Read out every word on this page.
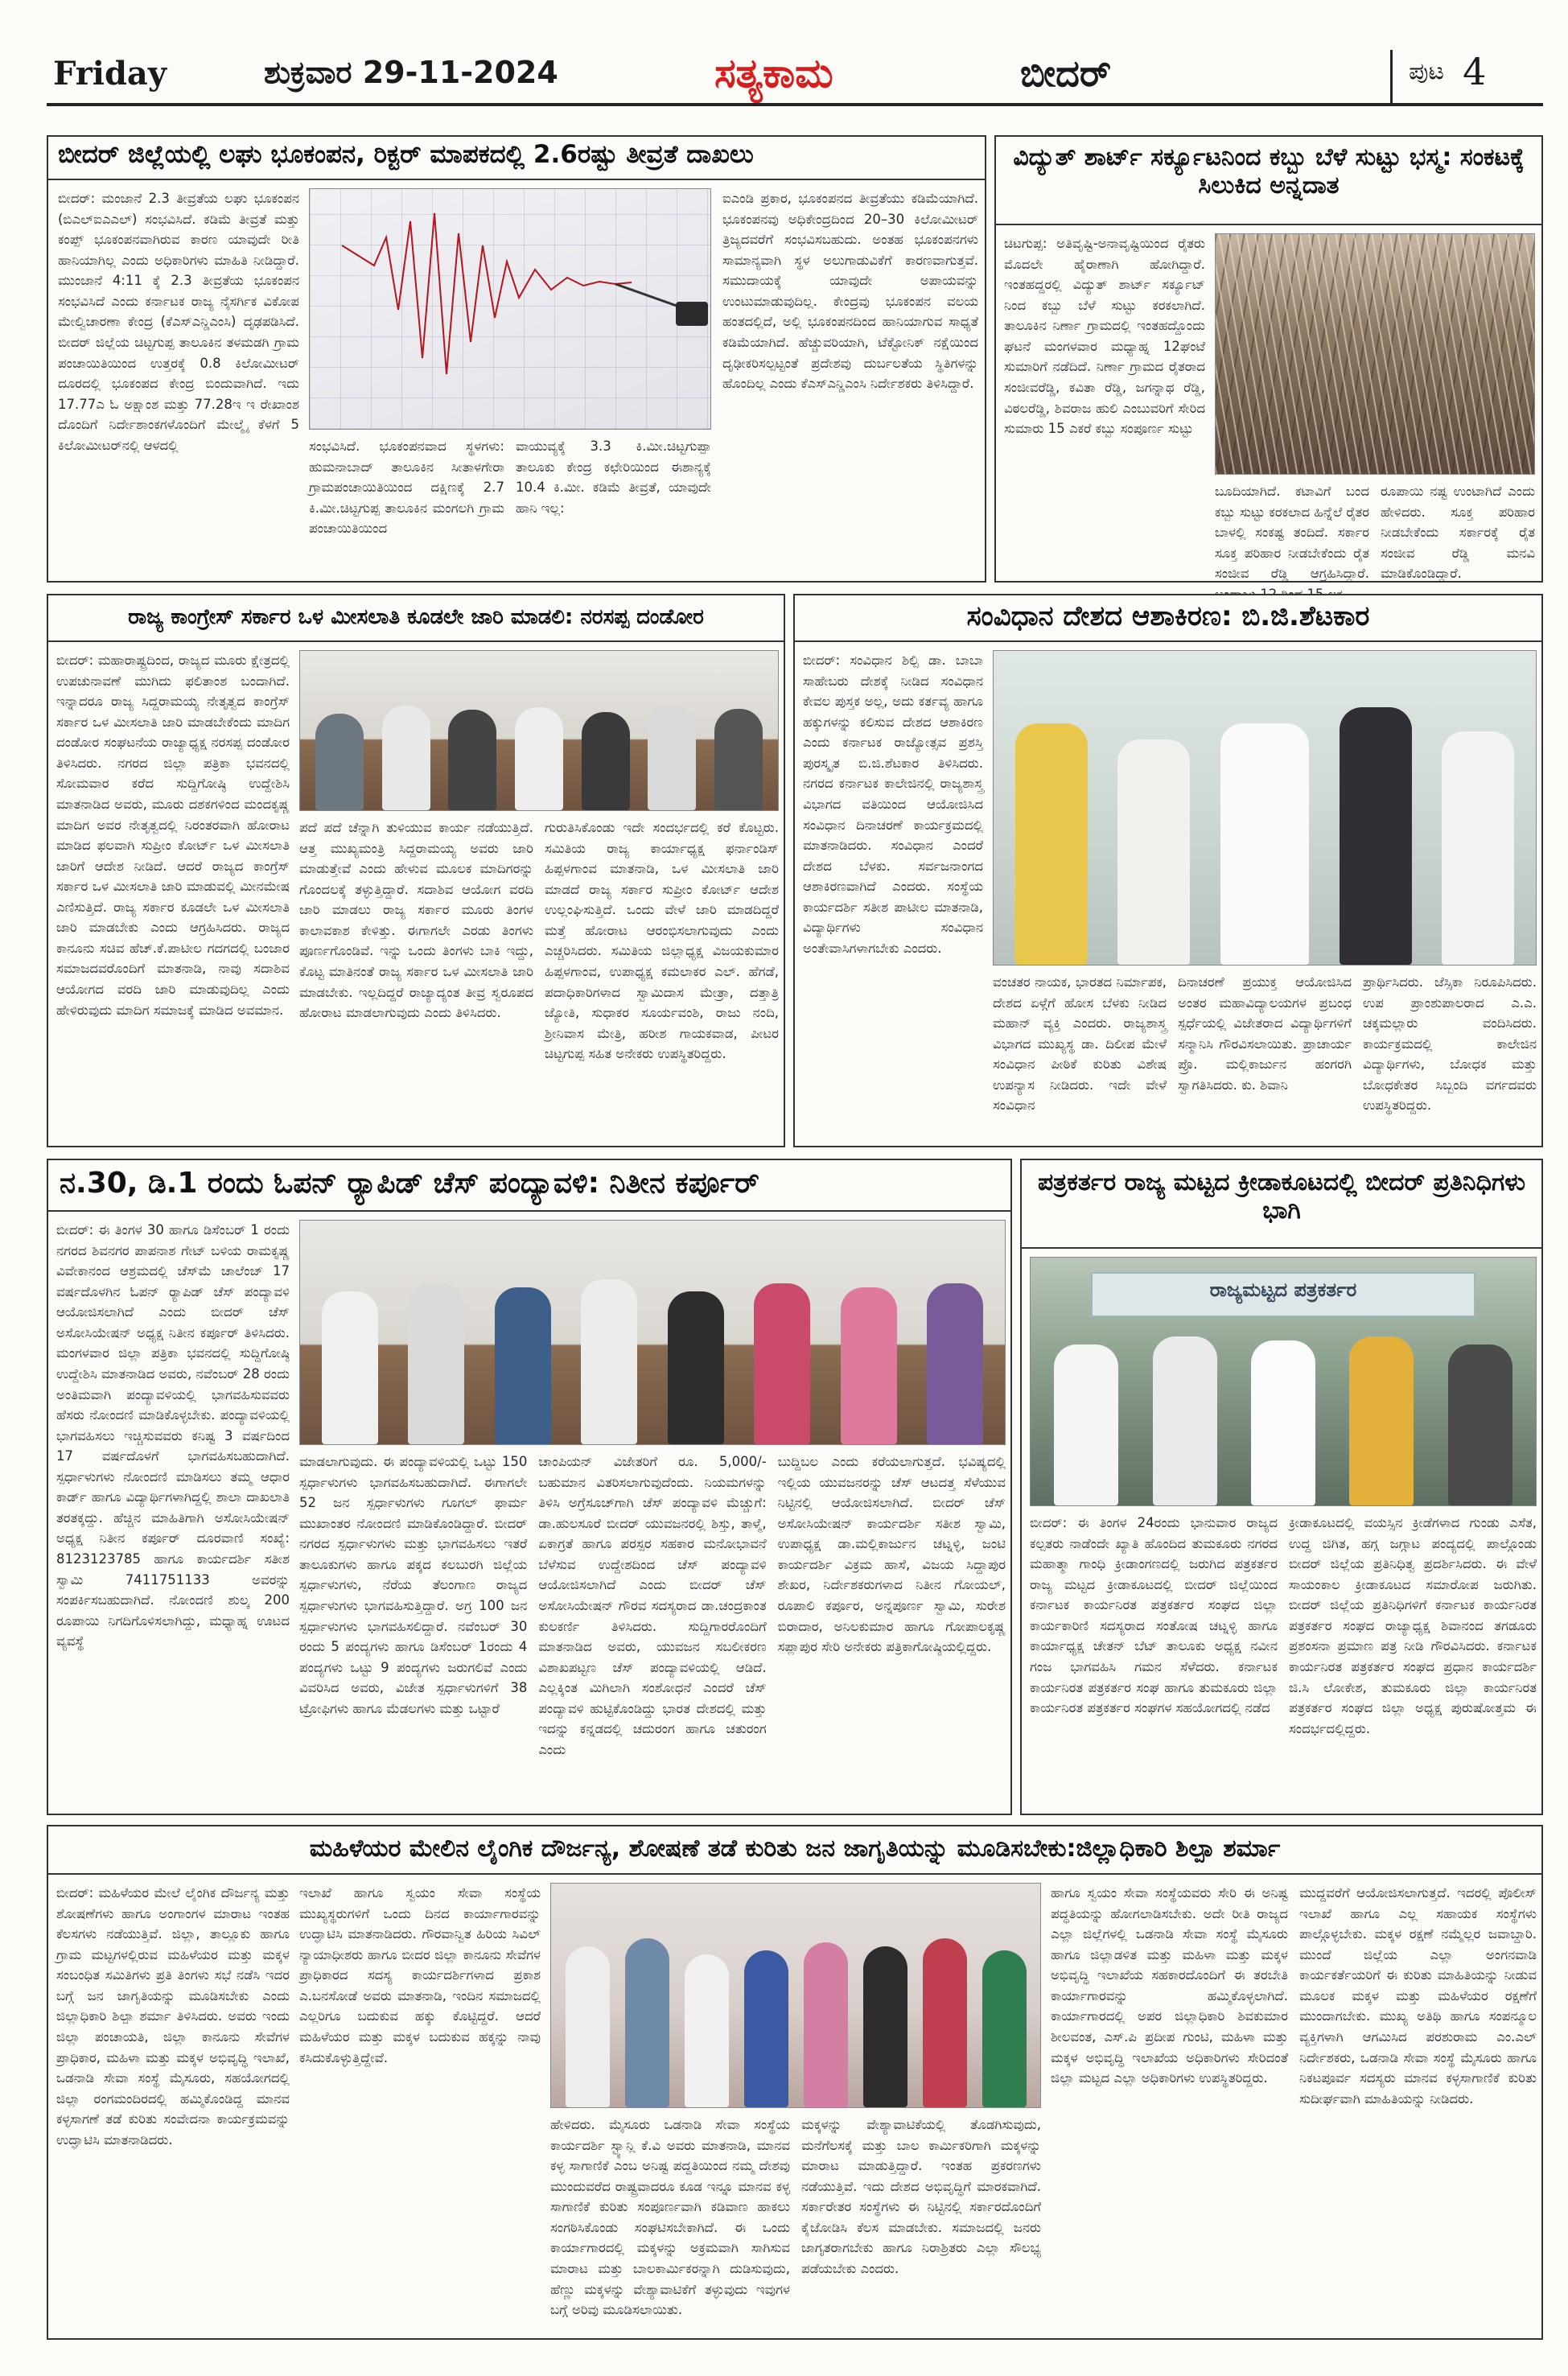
Friday	ಶುಕ್ರವಾರ 29-11-2024	ಸತ್ಯಕಾಮ	ಬೀದರ್	ಪುಟ 4
ಬೀದರ್ ಜಿಲ್ಲೆಯಲ್ಲಿ ಲಘು ಭೂಕಂಪನ, ರಿಕ್ಟರ್ ಮಾಪಕದಲ್ಲಿ 2.6ರಷ್ಟು ತೀವ್ರತೆ ದಾಖಲು
ಬೀದರ್: ಮಂಜಾನೆ 2.3 ತೀವ್ರತೆಯ ಲಘು ಭೂಕಂಪನ (ಬಿಎಲ್ಐಎಎಲ್) ಸಂಭವಿಸಿದೆ. ಕಡಿಮೆ ತೀವ್ರತೆ ಮತ್ತು ಕಂಪ್ಪ್ ಭೂಕಂಪನವಾಗಿರುವ ಕಾರಣ ಯಾವುದೇ ರೀತಿ ಹಾನಿಯಾಗಿಲ್ಲ ಎಂದು ಅಧಿಕಾರಿಗಳು ಮಾಹಿತಿ ನೀಡಿದ್ದಾರೆ. ಮುಂಜಾನೆ 4:11 ಕ್ಕೆ 2.3 ತೀವ್ರತೆಯ ಭೂಕಂಪನ ಸಂಭವಿಸಿದೆ ಎಂದು ಕರ್ನಾಟಕ ರಾಜ್ಯ ನೈಸರ್ಗಿಕ ವಿಕೋಪ ಮೇಲ್ವಿಚಾರಣಾ ಕೇಂದ್ರ (ಕೆಎಸ್ಎನ್ಡಿಎಂಸಿ) ದೃಢಪಡಿಸಿದೆ. ಬೀದರ್ ಜಿಲ್ಲೆಯ ಚಿಟ್ಟಗುಪ್ಪ ತಾಲೂಕಿನ ತಳಮಡಗಿ ಗ್ರಾಮ ಪಂಚಾಯಿತಿಯಿಂದ ಉತ್ತರಕ್ಕೆ 0.8 ಕಿಲೋಮೀಟರ್ ದೂರದಲ್ಲಿ ಭೂಕಂಪದ ಕೇಂದ್ರ ಬಿಂದುವಾಗಿದೆ. ಇದು 17.77ಎ ಓ ಅಕ್ಷಾಂಶ ಮತ್ತು 77.28ಇ ಇ ರೇಖಾಂಶ ದೊಂದಿಗೆ ನಿರ್ದೇಶಾಂಕಗಳೊಂದಿಗೆ ಮೇಲ್ಮೈ ಕೆಳಗೆ 5 ಕಿಲೋಮೀಟರ್‌ನಲ್ಲಿ ಆಳದಲ್ಲಿ	ಸಂಭವಿಸಿದೆ. ಭೂಕಂಪನವಾದ ಸ್ಥಳಗಳು: ಹುಮನಾಬಾದ್ ತಾಲೂಕಿನ ಸೀತಾಳಗೇರಾ ಗ್ರಾಮಪಂಚಾಯಿತಿಯಿಂದ ದಕ್ಷಿಣಕ್ಕೆ 2.7 ಕಿ.ಮೀ.ಚಿಟ್ಟಗುಪ್ಪ ತಾಲೂಕಿನ ಮಂಗಲಗಿ ಗ್ರಾಮ ಪಂಚಾಯಿತಿಯಿಂದ
ವಾಯುವ್ಯಕ್ಕೆ 3.3 ಕಿ.ಮೀ.ಚಿಟ್ಟಗುಪ್ಪಾ ತಾಲೂಕು ಕೇಂದ್ರ ಕಛೇರಿಯಿಂದ ಈಶಾನ್ಯಕ್ಕೆ 10.4 ಕಿ.ಮೀ. ಕಡಿಮೆ ತೀವ್ರತೆ, ಯಾವುದೇ ಹಾನಿ ಇಲ್ಲ:
ಐಎಂಡಿ ಪ್ರಕಾರ, ಭೂಕಂಪನದ ತೀವ್ರತೆಯು ಕಡಿಮೆಯಾಗಿದೆ. ಭೂಕಂಪನವು ಅಧಿಕೇಂದ್ರದಿಂದ 20–30 ಕಿಲೋಮೀಟರ್ ತ್ರಿಜ್ಯದವರೆಗೆ ಸಂಭವಿಸಬಹುದು. ಅಂತಹ ಭೂಕಂಪನಗಳು ಸಾಮಾನ್ಯವಾಗಿ ಸ್ಥಳ ಅಲುಗಾಡುವಿಕೆಗೆ ಕಾರಣವಾಗುತ್ತವೆ. ಸಮುದಾಯಕ್ಕೆ ಯಾವುದೇ ಅಪಾಯವನ್ನು ಉಂಟುಮಾಡುವುದಿಲ್ಲ. ಕೇಂದ್ರವು ಭೂಕಂಪನ ವಲಯ ಹಂತದಲ್ಲಿದೆ, ಅಲ್ಲಿ ಭೂಕಂಪನದಿಂದ ಹಾನಿಯಾಗುವ ಸಾಧ್ಯತೆ ಕಡಿಮೆಯಾಗಿದೆ. ಹೆಚ್ಚುವರಿಯಾಗಿ, ಟೆಕ್ಟೋನಿಕ್ ನಕ್ಷೆಯಿಂದ ದೃಢೀಕರಿಸಲ್ಪಟ್ಟಂತೆ ಪ್ರದೇಶವು ದುರ್ಬಲತೆಯ ಸ್ಥಿತಿಗಳನ್ನು ಹೊಂದಿಲ್ಲ ಎಂದು ಕೆಎಸ್ಎನ್ಡಿಎಂಸಿ ನಿರ್ದೇಶಕರು ತಿಳಿಸಿದ್ದಾರೆ.
ವಿದ್ಯುತ್ ಶಾರ್ಟ್ ಸರ್ಕ್ಯೂಟನಿಂದ ಕಬ್ಬು ಬೆಳೆ ಸುಟ್ಟು ಭಸ್ಮ: ಸಂಕಟಕ್ಕೆ ಸಿಲುಕಿದ ಅನ್ನದಾತ
ಚಿಟಗುಪ್ಪ: ಅತಿವೃಷ್ಟಿ-ಅನಾವೃಷ್ಟಿಯಿಂದ ರೈತರು ಮೊದಲೇ ಹೈರಾಣಾಗಿ ಹೋಗಿದ್ದಾರೆ. ಇಂತಹದ್ದರಲ್ಲಿ ವಿದ್ಯುತ್ ಶಾರ್ಟ್ ಸರ್ಕ್ಯೂಟ್ ನಿಂದ ಕಬ್ಬು ಬೆಳೆ ಸುಟ್ಟು ಕರಕಲಾಗಿದೆ. ತಾಲೂಕಿನ ನಿರ್ಣಾ ಗ್ರಾಮದಲ್ಲಿ ಇಂತಹದ್ದೊಂದು ಘಟನೆ ಮಂಗಳವಾರ ಮಧ್ಯಾಹ್ನ 12ಘಂಟೆ ಸುಮಾರಿಗೆ ನಡೆದಿದೆ. ನಿರ್ಣಾ ಗ್ರಾಮದ ರೈತರಾದ ಸಂಜೀವರೆಡ್ಡಿ, ಕವಿತಾ ರೆಡ್ಡಿ, ಜಗನ್ನಾಥ ರೆಡ್ಡಿ, ವಿಠಲರೆಡ್ಡಿ, ಶಿವರಾಜ ಹುಲಿ ಎಂಬುವರಿಗೆ ಸೇರಿದ ಸುಮಾರು 15 ಎಕರೆ ಕಬ್ಬು ಸಂಪೂರ್ಣ ಸುಟ್ಟು
ಬೂದಿಯಾಗಿದೆ. ಕಟಾವಿಗೆ ಬಂದ ಕಬ್ಬು ಸುಟ್ಟು ಕರಕಲಾದ ಹಿನ್ನೆಲೆ ರೈತರ ಬಾಳಲ್ಲಿ ಸಂಕಷ್ಟ ತಂದಿದೆ. ಸರ್ಕಾರ ಸೂಕ್ತ ಪರಿಹಾರ ನೀಡಬೇಕೆಂದು ರೈತ ಸಂಜೀವ ರೆಡ್ಡಿ ಆಗ್ರಹಿಸಿದ್ದಾರೆ.
ರೂಪಾಯಿ ನಷ್ಟ ಉಂಟಾಗಿದೆ ಎಂದು ಹೇಳಿದರು. ಸೂಕ್ತ ಪರಿಹಾರ ನೀಡಬೇಕೆಂದು ಸರ್ಕಾರಕ್ಕೆ ರೈತ ಸಂಜೀವ ರೆಡ್ಡಿ ಮನವಿ ಮಾಡಿಕೊಂಡಿದ್ದಾರೆ.
ರಾಜ್ಯ ಕಾಂಗ್ರೇಸ್ ಸರ್ಕಾರ ಒಳ ಮೀಸಲಾತಿ ಕೂಡಲೇ ಜಾರಿ ಮಾಡಲಿ: ನರಸಪ್ಪ ದಂಡೋರ
ಬೀದರ್: ಮಹಾರಾಷ್ಟ್ರದಿಂದ, ರಾಜ್ಯದ ಮೂರು ಕ್ಷೇತ್ರದಲ್ಲಿ ಉಪಚುನಾವಣೆ ಮುಗಿದು ಫಲಿತಾಂಶ ಬಂದಾಗಿದೆ. ಇನ್ನಾದರೂ ರಾಜ್ಯ ಸಿದ್ದರಾಮಯ್ಯ ನೇತೃತ್ವದ ಕಾಂಗ್ರೆಸ್ ಸರ್ಕಾರ ಒಳ ಮೀಸಲಾತಿ ಜಾರಿ ಮಾಡಬೇಕೆಂದು ಮಾದಿಗ ದಂಡೋರ ಸಂಘಟನೆಯ ರಾಜ್ಯಾಧ್ಯಕ್ಷ ನರಸಪ್ಪ ದಂಡೋರ ತಿಳಿಸಿದರು. ನಗರದ ಜಿಲ್ಲಾ ಪತ್ರಿಕಾ ಭವನದಲ್ಲಿ ಸೋಮವಾರ ಕರೆದ ಸುದ್ದಿಗೋಷ್ಠಿ ಉದ್ದೇಶಿಸಿ ಮಾತನಾಡಿದ ಅವರು, ಮೂರು ದಶಕಗಳಿಂದ ಮಂದಕೃಷ್ಣ ಮಾದಿಗ ಅವರ ನೇತೃತ್ವದಲ್ಲಿ ನಿರಂತರವಾಗಿ ಹೋರಾಟ ಮಾಡಿದ ಫಲವಾಗಿ ಸುಪ್ರೀಂ ಕೋರ್ಟ್ ಒಳ ಮೀಸಲಾತಿ ಜಾರಿಗೆ ಆದೇಶ ನೀಡಿದೆ. ಆದರೆ ರಾಜ್ಯದ ಕಾಂಗ್ರೆಸ್ ಸರ್ಕಾರ ಒಳ ಮೀಸಲಾತಿ ಜಾರಿ ಮಾಡುವಲ್ಲಿ ಮೀನಮೇಷ ಎಣಿಸುತ್ತಿದೆ. ರಾಜ್ಯ ಸರ್ಕಾರ ಕೂಡಲೇ ಒಳ ಮೀಸಲಾತಿ ಜಾರಿ ಮಾಡಬೇಕು ಎಂದು ಆಗ್ರಹಿಸಿದರು. ರಾಜ್ಯದ ಕಾನೂನು ಸಚಿವ ಹೆಚ್.ಕೆ.ಪಾಟೀಲ ಗದಗದಲ್ಲಿ ಬಂಜಾರ ಸಮಾಜದವರೊಂದಿಗೆ ಮಾತನಾಡಿ, ನಾವು ಸದಾಶಿವ ಆಯೋಗದ ವರದಿ ಜಾರಿ ಮಾಡುವುದಿಲ್ಲ ಎಂದು ಹೇಳಿರುವುದು ಮಾದಿಗ ಸಮಾಜಕ್ಕೆ ಮಾಡಿದ ಅವಮಾನ.
ಪದೆ ಪದೆ ಚೆನ್ನಾಗಿ ತುಳಿಯುವ ಕಾರ್ಯ ನಡೆಯುತ್ತಿದೆ. ಆತ್ತ ಮುಖ್ಯಮಂತ್ರಿ ಸಿದ್ದರಾಮಯ್ಯ ಅವರು ಜಾರಿ ಮಾಡುತ್ತೇವೆ ಎಂದು ಹೇಳುವ ಮೂಲಕ ಮಾದಿಗರನ್ನು ಗೊಂದಲಕ್ಕೆ ತಳ್ಳುತ್ತಿದ್ದಾರೆ. ಸದಾಶಿವ ಆಯೋಗ ವರದಿ ಜಾರಿ ಮಾಡಲು ರಾಜ್ಯ ಸರ್ಕಾರ ಮೂರು ತಿಂಗಳ ಕಾಲಾವಕಾಶ ಕೇಳಿತ್ತು. ಈಗಾಗಲೇ ಎರಡು ತಿಂಗಳು ಪೂರ್ಣಗೊಂಡಿವೆ. ಇನ್ನು ಒಂದು ತಿಂಗಳು ಬಾಕಿ ಇದ್ದು, ಕೊಟ್ಟ ಮಾತಿನಂತೆ ರಾಜ್ಯ ಸರ್ಕಾರ ಒಳ ಮೀಸಲಾತಿ ಜಾರಿ ಮಾಡಬೇಕು. ಇಲ್ಲದಿದ್ದರೆ ರಾಜ್ಯಾದ್ಯಂತ ತೀವ್ರ ಸ್ವರೂಪದ ಹೋರಾಟ ಮಾಡಲಾಗುವುದು ಎಂದು ತಿಳಿಸಿದರು.
ಗುರುತಿಸಿಕೊಂಡು ಇದೇ ಸಂದರ್ಭದಲ್ಲಿ ಕರೆ ಕೊಟ್ಟರು. ಸಮಿತಿಯ ರಾಜ್ಯ ಕಾರ್ಯಾಧ್ಯಕ್ಷ ಫರ್ನಾಂಡಿಸ್ ಹಿಪ್ಪಳಗಾಂವ ಮಾತನಾಡಿ, ಒಳ ಮೀಸಲಾತಿ ಜಾರಿ ಮಾಡದೆ ರಾಜ್ಯ ಸರ್ಕಾರ ಸುಪ್ರೀಂ ಕೋರ್ಟ್ ಆದೇಶ ಉಲ್ಲಂಘಿಸುತ್ತಿದೆ. ಒಂದು ವೇಳೆ ಜಾರಿ ಮಾಡದಿದ್ದರೆ ಮತ್ತೆ ಹೋರಾಟ ಆರಂಭಿಸಲಾಗುವುದು ಎಂದು ಎಚ್ಚರಿಸಿದರು. ಸಮಿತಿಯ ಜಿಲ್ಲಾಧ್ಯಕ್ಷ ವಿಜಯಕುಮಾರ ಹಿಪ್ಪಳಗಾಂವ, ಉಪಾಧ್ಯಕ್ಷ ಕಮಲಾಕರ ಎಲ್. ಹೆಗಡೆ, ಪದಾಧಿಕಾರಿಗಳಾದ ಸ್ವಾಮಿದಾಸ ಮೇತ್ರಾ, ದತ್ತಾತ್ರಿ ಜ್ಯೋತಿ, ಸುಧಾಕರ ಸೂರ್ಯವಂಶಿ, ರಾಜು ನಂದಿ, ಶ್ರೀನಿವಾಸ ಮೇತ್ರಿ, ಹರೀಶ ಗಾಯಕವಾಡ, ಪೀಟರ ಚಿಟ್ಟಗುಪ್ಪ ಸಹಿತ ಅನೇಕರು ಉಪಸ್ಥಿತರಿದ್ದರು.
ಸಂವಿಧಾನ ದೇಶದ ಆಶಾಕಿರಣ: ಬಿ.ಜಿ.ಶೆಟಕಾರ
ಬೀದರ್: ಸಂವಿಧಾನ ಶಿಲ್ಪಿ ಡಾ. ಬಾಬಾ ಸಾಹೇಬರು ದೇಶಕ್ಕೆ ನೀಡಿದ ಸಂವಿಧಾನ ಕೇವಲ ಪುಸ್ತಕ ಅಲ್ಲ, ಅದು ಕರ್ತವ್ಯ ಹಾಗೂ ಹಕ್ಕುಗಳನ್ನು ಕಲಿಸುವ ದೇಶದ ಆಶಾಕಿರಣ ಎಂದು ಕರ್ನಾಟಕ ರಾಜ್ಯೋತ್ಸವ ಪ್ರಶಸ್ತಿ ಪುರಸ್ಕೃತ ಬಿ.ಜಿ.ಶೆಟಕಾರ ತಿಳಿಸಿದರು. ನಗರದ ಕರ್ನಾಟಕ ಕಾಲೇಜಿನಲ್ಲಿ ರಾಜ್ಯಶಾಸ್ತ್ರ ವಿಭಾಗದ ವತಿಯಿಂದ ಆಯೋಜಿಸಿದ ಸಂವಿಧಾನ ದಿನಾಚರಣೆ ಕಾರ್ಯಕ್ರಮದಲ್ಲಿ ಮಾತನಾಡಿದರು. ಸಂವಿಧಾನ ಎಂದರೆ ದೇಶದ ಬೆಳಕು. ಸರ್ವಜನಾಂಗದ ಆಶಾಕಿರಣವಾಗಿದೆ ಎಂದರು. ಸಂಸ್ಥೆಯ ಕಾರ್ಯದರ್ಶಿ ಸತೀಶ ಪಾಟೀಲ ಮಾತನಾಡಿ, ವಿದ್ಯಾರ್ಥಿಗಳು ಸಂವಿಧಾನ ಅಂತೇವಾಸಿಗಳಾಗಬೇಕು ಎಂದರು.
ವಂಚತರ ನಾಯಕ, ಭಾರತದ ನಿರ್ಮಾಪಕ, ದೇಶದ ಏಳ್ಗೆಗೆ ಹೋಸ ಬೆಳಕು ನೀಡಿದ ಮಹಾನ್ ವ್ಯಕ್ತಿ ಎಂದರು. ರಾಜ್ಯಶಾಸ್ತ್ರ ವಿಭಾಗದ ಮುಖ್ಯಸ್ಥ ಡಾ. ದಿಲೀಪ ಮೇಳೆ ಸಂವಿಧಾನ ಪೀಠಿಕೆ ಕುರಿತು ವಿಶೇಷ ಉಪನ್ಯಾಸ ನೀಡಿದರು. ಇದೇ ವೇಳೆ ಸಂವಿಧಾನ
ದಿನಾಚರಣೆ ಪ್ರಯುಕ್ತ ಆಯೋಜಿಸಿದ ಅಂತರ ಮಹಾವಿದ್ಯಾಲಯಗಳ ಪ್ರಬಂಧ ಸ್ಪರ್ಧೆಯಲ್ಲಿ ವಿಜೇತರಾದ ವಿದ್ಯಾರ್ಥಿಗಳಿಗೆ ಸನ್ಮಾನಿಸಿ ಗೌರವಿಸಲಾಯಿತು. ಪ್ರಾಚಾರ್ಯ ಪ್ರೊ. ಮಲ್ಲಿಕಾರ್ಜುನ ಹಂಗರಗಿ ಸ್ವಾಗತಿಸಿದರು. ಕು. ಶಿವಾನಿ
ಪ್ರಾರ್ಥಿಸಿದರು. ಜೆಸ್ಸಿಕಾ ನಿರೂಪಿಸಿದರು. ಉಪ ಪ್ರಾಂಶುಪಾಲರಾದ ಎ.ಎ. ಚಕ್ಕಮಲ್ಲಾರು ವಂದಿಸಿದರು. ಕಾರ್ಯಕ್ರಮದಲ್ಲಿ ಕಾಲೇಜಿನ ವಿದ್ಯಾರ್ಥಿಗಳು, ಬೋಧಕ ಮತ್ತು ಬೋಧಕೇತರ ಸಿಬ್ಬಂದಿ ವರ್ಗದವರು ಉಪಸ್ಥಿತರಿದ್ದರು.
ನ.30, ಡಿ.1 ರಂದು ಓಪನ್ ರ್‍ಯಾಪಿಡ್ ಚೆಸ್ ಪಂದ್ಯಾವಳಿ: ನಿತೀನ ಕರ್ಪೂರ್
ಬೀದರ್: ಈ ತಿಂಗಳ 30 ಹಾಗೂ ಡಿಸೆಂಬರ್ 1 ರಂದು ನಗರದ ಶಿವನಗರ ಪಾಪನಾಶ ಗೇಟ್ ಬಳಿಯ ರಾಮಕೃಷ್ಣ ವಿವೇಕಾನಂದ ಆಶ್ರಮದಲ್ಲಿ ಚೆಸ್‌ಮೆ ಚಾಲೆಂಜ್ 17 ವರ್ಷದೊಳಗಿನ ಓಪನ್ ರ್‍ಯಾಪಿಡ್ ಚೆಸ್ ಪಂದ್ಯಾವಳಿ ಆಯೋಜಿಸಲಾಗಿದೆ ಎಂದು ಬೀದರ್ ಚೆಸ್ ಅಸೋಸಿಯೇಷನ್ ಅಧ್ಯಕ್ಷ ನಿತೀನ ಕರ್ಪೂರ್ ತಿಳಿಸಿದರು. ಮಂಗಳವಾರ ಜಿಲ್ಲಾ ಪತ್ರಿಕಾ ಭವನದಲ್ಲಿ ಸುದ್ದಿಗೋಷ್ಠಿ ಉದ್ದೇಶಿಸಿ ಮಾತನಾಡಿದ ಅವರು, ನವೆಂಬರ್ 28 ರಂದು ಅಂತಿಮವಾಗಿ ಪಂದ್ಯಾವಳಿಯಲ್ಲಿ ಭಾಗವಹಿಸುವವರು ಹೆಸರು ನೋಂದಣಿ ಮಾಡಿಕೊಳ್ಳಬೇಕು. ಪಂದ್ಯಾವಳಿಯಲ್ಲಿ ಭಾಗವಹಿಸಲು ಇಚ್ಚಿಸುವವರು ಕನಿಷ್ಟ 3 ವರ್ಷದಿಂದ 17 ವರ್ಷದೊಳಗೆ ಭಾಗವಹಿಸಬಹುದಾಗಿದೆ. ಸ್ಪರ್ಧಾಳುಗಳು ನೋಂದಣಿ ಮಾಡಿಸಲು ತಮ್ಮ ಆಧಾರ ಕಾರ್ಡ್ ಹಾಗೂ ವಿದ್ಯಾರ್ಥಿಗಳಾಗಿದ್ದಲ್ಲಿ ಶಾಲಾ ದಾಖಲಾತಿ ತರತಕ್ಕದ್ದು. ಹೆಚ್ಚಿನ ಮಾಹಿತಿಗಾಗಿ ಅಸೋಸಿಯೇಷನ್ ಅಧ್ಯಕ್ಷ ನಿತೀನ ಕರ್ಪೂರ್ ದೂರವಾಣಿ ಸಂಖ್ಯೆ: 8123123785 ಹಾಗೂ ಕಾರ್ಯದರ್ಶಿ ಸತೀಶ ಸ್ವಾಮಿ 7411751133 ಅವರನ್ನು ಸಂಪರ್ಕಿಸಬಹುದಾಗಿದೆ. ನೋಂದಣಿ ಶುಲ್ಕ 200 ರೂಪಾಯಿ ನಿಗದಿಗೊಳಿಸಲಾಗಿದ್ದು, ಮಧ್ಯಾಹ್ನ ಊಟದ ವ್ಯವಸ್ಥೆ
ಮಾಡಲಾಗುವುದು. ಈ ಪಂದ್ಯಾವಳಿಯಲ್ಲಿ ಒಟ್ಟು 150 ಸ್ಪರ್ಧಾಳುಗಳು ಭಾಗವಹಿಸಬಹುದಾಗಿದೆ. ಈಗಾಗಲೇ 52 ಜನ ಸ್ಪರ್ಧಾಳುಗಳು ಗೂಗಲ್ ಫಾರ್ಮ ಮುಖಾಂತರ ನೋಂದಣಿ ಮಾಡಿಕೊಂಡಿದ್ದಾರೆ. ಬೀದರ್ ನಗರದ ಸ್ಪರ್ಧಾಳುಗಳು ಮತ್ತು ಭಾಗವಹಿಸಲು ಇತರೆ ತಾಲೂಕುಗಳು ಹಾಗೂ ಪಕ್ಕದ ಕಲಬುರಗಿ ಜಿಲ್ಲೆಯ ಸ್ಪರ್ಧಾಳುಗಳು, ನೆರೆಯ ತೆಲಂಗಾಣ ರಾಜ್ಯದ ಸ್ಪರ್ಧಾಳುಗಳು ಭಾಗವಹಿಸುತ್ತಿದ್ದಾರೆ. ಅಗ್ರ 100 ಜನ ಸ್ಪರ್ಧಾಳುಗಳು ಭಾಗವಹಿಸಲಿದ್ದಾರೆ. ನವೆಂಬರ್ 30 ರಂದು 5 ಪಂದ್ಯಗಳು ಹಾಗೂ ಡಿಸೆಂಬರ್ 1ರಂದು 4 ಪಂದ್ಯಗಳು ಒಟ್ಟು 9 ಪಂದ್ಯಗಳು ಜರುಗಲಿವೆ ಎಂದು ವಿವರಿಸಿದ ಅವರು, ವಿಜೇತ ಸ್ಪರ್ಧಾಳುಗಳಿಗೆ 38 ಟ್ರೋಫಿಗಳು ಹಾಗೂ ಮೆಡಲಗಳು ಮತ್ತು ಒಟ್ಟಾರೆ
ಚಾಂಪಿಯನ್ ವಿಜೇತರಿಗೆ ರೂ. 5,000/- ಬಹುಮಾನ ವಿತರಿಸಲಾಗುವುದೆಂದು. ನಿಯಮಗಳನ್ನು ತಿಳಿಸಿ ಅಗ್ರೆಸೂಚ್‌ಗಾಗಿ ಚೆಸ್ ಪಂದ್ಯಾವಳಿ ಮೆಚ್ಚುಗೆ: ಡಾ.ಹುಲಸೂರೆ ಬೀದರ್ ಯುವಜನರಲ್ಲಿ ಶಿಸ್ತು, ತಾಳ್ಮೆ, ಏಕಾಗ್ರತೆ ಹಾಗೂ ಪರಸ್ಪರ ಸಹಕಾರ ಮನೋಭಾವನೆ ಬೆಳೆಸುವ ಉದ್ದೇಶದಿಂದ ಚೆಸ್ ಪಂದ್ಯಾವಳಿ ಆಯೋಜಿಸಲಾಗಿದೆ ಎಂದು ಬೀದರ್ ಚೆಸ್ ಅಸೋಸಿಯೇಷನ್ ಗೌರವ ಸದಸ್ಯರಾದ ಡಾ.ಚಂದ್ರಕಾಂತ ಕುಲಕರ್ಣಿ ತಿಳಿಸಿದರು. ಸುದ್ದಿಗಾರರೊಂದಿಗೆ ಮಾತನಾಡಿದ ಅವರು, ಯುವಜನ ಸಬಲೀಕರಣ ವಿಶಾಖಪಟ್ಟಣ ಚೆಸ್ ಪಂದ್ಯಾವಳಿಯಲ್ಲಿ ಆಡಿದೆ. ಎಲ್ಲಕ್ಕಿಂತ ಮಿಗಿಲಾಗಿ ಸಂಶೋಧನೆ ಎಂದರೆ ಚೆಸ್ ಪಂದ್ಯಾವಳಿ ಹುಟ್ಟಿಕೊಂಡಿದ್ದು ಭಾರತ ದೇಶದಲ್ಲಿ ಮತ್ತು ಇದನ್ನು ಕನ್ನಡದಲ್ಲಿ ಚದುರಂಗ ಹಾಗೂ ಚತುರಂಗ ಎಂದು
ಬುದ್ದಿಬಲ ಎಂದು ಕರೆಯಲಾಗುತ್ತದೆ. ಭವಿಷ್ಯದಲ್ಲಿ ಇಲ್ಲಿಯ ಯುವಜನರನ್ನು ಚೆಸ್ ಆಟದತ್ತ ಸೆಳೆಯುವ ನಿಟ್ಟಿನಲ್ಲಿ ಆಯೋಜಿಸಲಾಗಿದೆ. ಬೀದರ್ ಚೆಸ್ ಅಸೋಸಿಯೇಷನ್ ಕಾರ್ಯದರ್ಶಿ ಸತೀಶ ಸ್ವಾಮಿ, ಉಪಾಧ್ಯಕ್ಷ ಡಾ.ಮಲ್ಲಿಕಾರ್ಜುನ ಚಟ್ನಳ್ಳಿ, ಜಂಟಿ ಕಾರ್ಯದರ್ಶಿ ವಿಕ್ರಮ ಹಾಸೆ, ವಿಜಯ ಸಿದ್ದಾಪುರ ಶೇಖರ, ನಿರ್ದೇಶಕರುಗಳಾದ ನಿತೀನ ಗೋಯಲ್, ರೂಪಾಲಿ ಕರ್ಪೂರ, ಅನ್ನಪೂರ್ಣ ಸ್ವಾಮಿ, ಸುರೇಶ ಬಿರಾದಾರ, ಅನಿಲಕುಮಾರ ಹಾಗೂ ಗೋಪಾಲಕೃಷ್ಣ ಸಪ್ಲಾಪುರ ಸೇರಿ ಅನೇಕರು ಪತ್ರಿಕಾಗೋಷ್ಠಿಯಲ್ಲಿದ್ದರು.
ಪತ್ರಕರ್ತರ ರಾಜ್ಯ ಮಟ್ಟದ ಕ್ರೀಡಾಕೂಟದಲ್ಲಿ ಬೀದರ್ ಪ್ರತಿನಿಧಿಗಳು ಭಾಗಿ
ರಾಜ್ಯಮಟ್ಟದ ಪತ್ರಕರ್ತರ
ಬೀದರ್: ಈ ತಿಂಗಳ 24ರಂದು ಭಾನುವಾರ ರಾಜ್ಯದ ಕಲ್ಪತರು ನಾಡೆಂದೇ ಖ್ಯಾತಿ ಹೊಂದಿದ ತುಮಕೂರು ನಗರದ ಮಹಾತ್ಮಾ ಗಾಂಧಿ ಕ್ರೀಡಾಂಗಣದಲ್ಲಿ ಜರುಗಿದ ಪತ್ರಕರ್ತರ ರಾಜ್ಯ ಮಟ್ಟದ ಕ್ರೀಡಾಕೂಟದಲ್ಲಿ ಬೀದರ್ ಜಿಲ್ಲೆಯಿಂದ ಕರ್ನಾಟಕ ಕಾರ್ಯನಿರತ ಪತ್ರಕರ್ತರ ಸಂಘದ ಜಿಲ್ಲಾ ಕಾರ್ಯಕಾರಿಣಿ ಸದಸ್ಯರಾದ ಸಂತೋಷ ಚಟ್ನಳ್ಳಿ ಹಾಗೂ ಕಾರ್ಯಾಧ್ಯಕ್ಷ ಚೇತನ್ ಬೆಟ್ ತಾಲೂಕು ಅಧ್ಯಕ್ಷ ನವೀನ ಗಂಜ ಭಾಗವಹಿಸಿ ಗಮನ ಸೆಳೆದರು. ಕರ್ನಾಟಕ ಕಾರ್ಯನಿರತ ಪತ್ರಕರ್ತರ ಸಂಘ ಹಾಗೂ ತುಮಕೂರು ಜಿಲ್ಲಾ ಕಾರ್ಯನಿರತ ಪತ್ರಕರ್ತರ ಸಂಘಗಳ ಸಹಯೋಗದಲ್ಲಿ ನಡೆದ
ಕ್ರೀಡಾಕೂಟದಲ್ಲಿ ವಯಸ್ಸಿನ ಕ್ರೀಡೆಗಳಾದ ಗುಂಡು ಎಸೆತ, ಉದ್ದ ಜಿಗಿತ, ಹಗ್ಗ ಜಗ್ಗಾಟ ಪಂದ್ಯದಲ್ಲಿ ಪಾಲ್ಗೊಂಡು ಬೀದರ್ ಜಿಲ್ಲೆಯ ಪ್ರತಿನಿಧಿತ್ವ ಪ್ರದರ್ಶಿಸಿದರು. ಈ ವೇಳೆ ಸಾಯಂಕಾಲ ಕ್ರೀಡಾಕೂಟದ ಸಮಾರೋಪ ಜರುಗಿತು. ಬೀದರ್ ಜಿಲ್ಲೆಯ ಪ್ರತಿನಿಧಿಗಳಿಗೆ ಕರ್ನಾಟಕ ಕಾರ್ಯನಿರತ ಪತ್ರಕರ್ತರ ಸಂಘದ ರಾಜ್ಯಾಧ್ಯಕ್ಷ ಶಿವಾನಂದ ತಗಡೂರು ಪ್ರಶಂಸನಾ ಪ್ರಮಾಣ ಪತ್ರ ನೀಡಿ ಗೌರವಿಸಿದರು. ಕರ್ನಾಟಕ ಕಾರ್ಯನಿರತ ಪತ್ರಕರ್ತರ ಸಂಘದ ಪ್ರಧಾನ ಕಾರ್ಯದರ್ಶಿ ಜಿ.ಸಿ ಲೋಕೇಶ, ತುಮಕೂರು ಜಿಲ್ಲಾ ಕಾರ್ಯನಿರತ ಪತ್ರಕರ್ತರ ಸಂಘದ ಜಿಲ್ಲಾ ಅಧ್ಯಕ್ಷ ಪುರುಷೋತ್ತಮ ಈ ಸಂದರ್ಭದಲ್ಲಿದ್ದರು.
ಮಹಿಳೆಯರ ಮೇಲಿನ ಲೈಂಗಿಕ ದೌರ್ಜನ್ಯ, ಶೋಷಣೆ ತಡೆ ಕುರಿತು ಜನ ಜಾಗೃತಿಯನ್ನು ಮೂಡಿಸಬೇಕು:ಜಿಲ್ಲಾಧಿಕಾರಿ ಶಿಲ್ಪಾ ಶರ್ಮಾ
ಬೀದರ್: ಮಹಿಳೆಯರ ಮೇಲೆ ಲೈಂಗಿಕ ದೌರ್ಜನ್ಯ ಮತ್ತು ಶೋಷಣೆಗಳು ಹಾಗೂ ಅಂಗಾಂಗಳ ಮಾರಾಟ ಇಂತಹ ಕೆಲಸಗಳು ನಡೆಯುತ್ತಿವೆ. ಜಿಲ್ಲಾ, ತಾಲ್ಲೂಕು ಹಾಗೂ ಗ್ರಾಮ ಮಟ್ಟಗಳಲ್ಲಿರುವ ಮಹಿಳೆಯರ ಮತ್ತು ಮಕ್ಕಳ ಸಂಬಂಧಿತ ಸಮಿತಿಗಳು ಪ್ರತಿ ತಿಂಗಳು ಸಭೆ ನಡೆಸಿ ಇದರ ಬಗ್ಗೆ ಜನ ಜಾಗೃತಿಯನ್ನು ಮೂಡಿಸಬೇಕು ಎಂದು ಜಿಲ್ಲಾಧಿಕಾರಿ ಶಿಲ್ಪಾ ಶರ್ಮಾ ತಿಳಿಸಿದರು. ಅವರು ಇಂದು ಜಿಲ್ಲಾ ಪಂಚಾಯತಿ, ಜಿಲ್ಲಾ ಕಾನೂನು ಸೇವೆಗಳ ಪ್ರಾಧಿಕಾರ, ಮಹಿಳಾ ಮತ್ತು ಮಕ್ಕಳ ಅಭಿವೃದ್ಧಿ ಇಲಾಖೆ, ಒಡನಾಡಿ ಸೇವಾ ಸಂಸ್ಥೆ ಮೈಸೂರು, ಸಹಯೋಗದಲ್ಲಿ ಜಿಲ್ಲಾ ರಂಗಮಂದಿರದಲ್ಲಿ ಹಮ್ಮಿಕೊಂಡಿದ್ದ ಮಾನವ ಕಳ್ಳಸಾಗಣೆ ತಡೆ ಕುರಿತು ಸಂವೇದನಾ ಕಾರ್ಯಕ್ರಮವನ್ನು ಉದ್ಘಾಟಿಸಿ ಮಾತನಾಡಿದರು.
ಇಲಾಖೆ ಹಾಗೂ ಸ್ವಯಂ ಸೇವಾ ಸಂಸ್ಥೆಯ ಮುಖ್ಯಸ್ಥರುಗಳಿಗೆ ಒಂದು ದಿನದ ಕಾರ್ಯಾಗಾರವನ್ನು ಉದ್ಘಾಟಿಸಿ ಮಾತನಾಡಿದರು. ಗೌರವಾನ್ವಿತ ಹಿರಿಯ ಸಿವಿಲ್ ನ್ಯಾಯಾಧೀಶರು ಹಾಗೂ ಬೀದರ ಜಿಲ್ಲಾ ಕಾನೂನು ಸೇವೆಗಳ ಪ್ರಾಧಿಕಾರದ ಸದಸ್ಯ ಕಾರ್ಯದರ್ಶಿಗಳಾದ ಪ್ರಕಾಶ ಎ.ಬನಸೋಡೆ ಅವರು ಮಾತನಾಡಿ, ಇಂದಿನ ಸಮಾಜದಲ್ಲಿ ಎಲ್ಲರಿಗೂ ಬದುಕುವ ಹಕ್ಕು ಕೊಟ್ಟಿದ್ದರೆ. ಆದರೆ ಮಹಿಳೆಯರ ಮತ್ತು ಮಕ್ಕಳ ಬದುಕುವ ಹಕ್ಕನ್ನು ನಾವು ಕಸಿದುಕೊಳ್ಳುತ್ತಿದ್ದೇವೆ.
ಹೇಳಿದರು. ಮೈಸೂರು ಒಡನಾಡಿ ಸೇವಾ ಸಂಸ್ಥೆಯ ಕಾರ್ಯದರ್ಶಿ ಸ್ಟ್ಯಾನ್ಲಿ ಕೆ.ವಿ ಅವರು ಮಾತನಾಡಿ, ಮಾನವ ಕಳ್ಳ ಸಾಗಾಣಿಕೆ ಎಂಬ ಅನಿಷ್ಟ ಪದ್ದತಿಯಿಂದ ನಮ್ಮ ದೇಶವು ಮುಂದುವರೆದ ರಾಷ್ಟ್ರವಾದರೂ ಕೂಡ ಇನ್ನೂ ಮಾನವ ಕಳ್ಳ ಸಾಗಾಣಿಕೆ ಕುರಿತು ಸಂಪೂರ್ಣವಾಗಿ ಕಡಿವಾಣ ಹಾಕಲು ಸಂಗಠಿಸಿಕೊಂಡು ಸಂಘಟಿಸಬೇಕಾಗಿದೆ. ಈ ಒಂದು ಕಾರ್ಯಾಗಾರದಲ್ಲಿ ಮಕ್ಕಳನ್ನು ಅಕ್ರಮವಾಗಿ ಸಾಗಿಸುವ ಮಾರಾಟ ಮತ್ತು ಬಾಲಕಾರ್ಮಿಕರನ್ನಾಗಿ ದುಡಿಸುವುದು, ಹೆಣ್ಣು ಮಕ್ಕಳನ್ನು ವೇಶ್ಯಾವಾಟಿಕೆಗೆ ತಳ್ಳುವುದು ಇವುಗಳ ಬಗ್ಗೆ ಅರಿವು ಮೂಡಿಸಲಾಯಿತು.
ಮಕ್ಕಳನ್ನು ವೇಶ್ಯಾವಾಟಿಕೆಯಲ್ಲಿ ತೊಡಗಿಸುವುದು, ಮನೆಗೆಲಸಕ್ಕೆ ಮತ್ತು ಬಾಲ ಕಾರ್ಮಿಕರಿಗಾಗಿ ಮಕ್ಕಳನ್ನು ಮಾರಾಟ ಮಾಡುತ್ತಿದ್ದಾರೆ. ಇಂತಹ ಪ್ರಕರಣಗಳು ನಡೆಯುತ್ತಿವೆ. ಇದು ದೇಶದ ಅಭಿವೃದ್ಧಿಗೆ ಮಾರಕವಾಗಿದೆ. ಸರ್ಕಾರೇತರ ಸಂಸ್ಥೆಗಳು ಈ ನಿಟ್ಟಿನಲ್ಲಿ ಸರ್ಕಾರದೊಂದಿಗೆ ಕೈಜೋಡಿಸಿ ಕೆಲಸ ಮಾಡಬೇಕು. ಸಮಾಜದಲ್ಲಿ ಜನರು ಜಾಗೃತರಾಗಬೇಕು ಹಾಗೂ ನಿರಾಶ್ರಿತರು ಎಲ್ಲಾ ಸೌಲಭ್ಯ ಪಡೆಯಬೇಕು ಎಂದರು.
ಹಾಗೂ ಸ್ವಯಂ ಸೇವಾ ಸಂಸ್ಥೆಯವರು ಸೇರಿ ಈ ಅನಿಷ್ಟ ಪದ್ಧತಿಯನ್ನು ಹೋಗಲಾಡಿಸಬೇಕು. ಅದೇ ರೀತಿ ರಾಜ್ಯದ ಎಲ್ಲಾ ಜಿಲ್ಲೆಗಳಲ್ಲಿ ಒಡನಾಡಿ ಸೇವಾ ಸಂಸ್ಥೆ ಮೈಸೂರು ಹಾಗೂ ಜಿಲ್ಲಾಡಳಿತ ಮತ್ತು ಮಹಿಳಾ ಮತ್ತು ಮಕ್ಕಳ ಅಭಿವೃದ್ಧಿ ಇಲಾಖೆಯ ಸಹಕಾರದೊಂದಿಗೆ ಈ ತರಬೇತಿ ಕಾರ್ಯಾಗಾರವನ್ನು ಹಮ್ಮಿಕೊಳ್ಳಲಾಗಿದೆ. ಕಾರ್ಯಾಗಾರದಲ್ಲಿ ಅಪರ ಜಿಲ್ಲಾಧಿಕಾರಿ ಶಿವಕುಮಾರ ಶೀಲವಂತ, ಎಸ್.ಪಿ ಪ್ರದೀಪ ಗುಂಟಿ, ಮಹಿಳಾ ಮತ್ತು ಮಕ್ಕಳ ಅಭಿವೃದ್ಧಿ ಇಲಾಖೆಯ ಅಧಿಕಾರಿಗಳು ಸೇರಿದಂತೆ ಜಿಲ್ಲಾ ಮಟ್ಟದ ಎಲ್ಲಾ ಅಧಿಕಾರಿಗಳು ಉಪಸ್ಥಿತರಿದ್ದರು.
ಮುದ್ದವರೆಗೆ ಆಯೋಜಿಸಲಾಗುತ್ತದೆ. ಇದರಲ್ಲಿ ಪೊಲೀಸ್ ಇಲಾಖೆ ಹಾಗೂ ಎಲ್ಲ ಸಹಾಯಕ ಸಂಸ್ಥೆಗಳು ಪಾಲ್ಗೊಳ್ಳಬೇಕು. ಮಕ್ಕಳ ರಕ್ಷಣೆ ನಮ್ಮೆಲ್ಲರ ಜವಾಬ್ದಾರಿ. ಮುಂದೆ ಜಿಲ್ಲೆಯ ಎಲ್ಲಾ ಅಂಗನವಾಡಿ ಕಾರ್ಯಕರ್ತೆಯರಿಗೆ ಈ ಕುರಿತು ಮಾಹಿತಿಯನ್ನು ನೀಡುವ ಮೂಲಕ ಮಕ್ಕಳ ಮತ್ತು ಮಹಿಳೆಯರ ರಕ್ಷಣೆಗೆ ಮುಂದಾಗಬೇಕು. ಮುಖ್ಯ ಅತಿಥಿ ಹಾಗೂ ಸಂಪನ್ಮೂಲ ವ್ಯಕ್ತಿಗಳಾಗಿ ಆಗಮಿಸಿದ ಪರಶುರಾಮ ಎಂ.ಎಲ್ ನಿರ್ದೇಶಕರು, ಒಡನಾಡಿ ಸೇವಾ ಸಂಸ್ಥೆ ಮೈಸೂರು ಹಾಗೂ ನಿಕಟಪೂರ್ವ ಸದಸ್ಯರು ಮಾನವ ಕಳ್ಳಸಾಗಾಣಿಕೆ ಕುರಿತು ಸುದೀರ್ಘವಾಗಿ ಮಾಹಿತಿಯನ್ನು ನೀಡಿದರು.
